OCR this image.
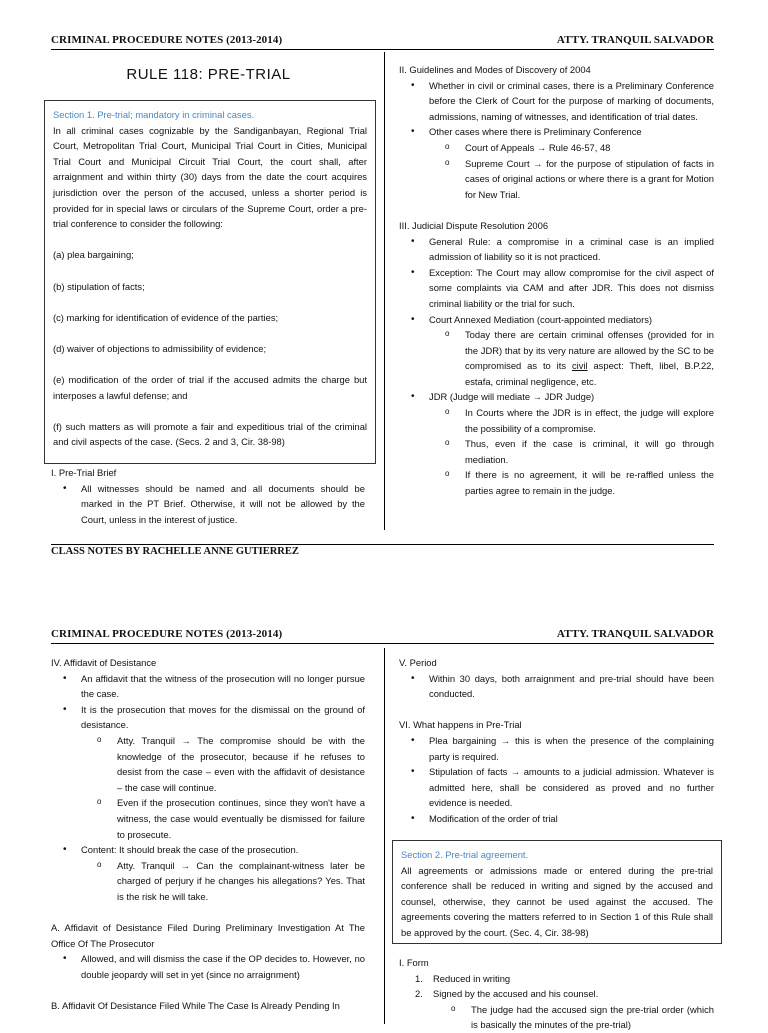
CRIMINAL PROCEDURE NOTES (2013-2014)	ATTY. TRANQUIL SALVADOR
RULE 118: PRE-TRIAL

Section 1. Pre-trial; mandatory in criminal cases.

In all criminal cases cognizable by the Sandiganbayan, Regional Trial Court, Metropolitan Trial Court, Municipal Trial Court in Cities, Municipal Trial Court and Municipal Circuit Trial Court, the court shall, after arraignment and within thirty (30) days from the date the court acquires jurisdiction over the person of the accused, unless a shorter period is provided for in special laws or circulars of the Supreme Court, order a pre-trial conference to consider the following:

(a) plea bargaining;

(b) stipulation of facts;

(c) marking for identification of evidence of the parties;

(d) waiver of objections to admissibility of evidence;

(e) modification of the order of trial if the accused admits the charge but interposes a lawful defense; and

(f) such matters as will promote a fair and expeditious trial of the criminal and civil aspects of the case. (Secs. 2 and 3, Cir. 38-98)

I. Pre-Trial Brief

• All witnesses should be named and all documents should be marked in the PT Brief. Otherwise, it will not be allowed by the Court, unless in the interest of justice.

II. Guidelines and Modes of Discovery of 2004

• Whether in civil or criminal cases, there is a Preliminary Conference before the Clerk of Court for the purpose of marking of documents, admissions, naming of witnesses, and identification of trial dates.
• Other cases where there is Preliminary Conference
o Court of Appeals → Rule 46-57, 48
o Supreme Court → for the purpose of stipulation of facts in cases of original actions or where there is a grant for Motion for New Trial.

III. Judicial Dispute Resolution 2006

• General Rule: a compromise in a criminal case is an implied admission of liability so it is not practiced.
• Exception: The Court may allow compromise for the civil aspect of some complaints via CAM and after JDR. This does not dismiss criminal liability or the trial for such.
• Court Annexed Mediation (court-appointed mediators)
o Today there are certain criminal offenses (provided for in the JDR) that by its very nature are allowed by the SC to be compromised as to its civil aspect: Theft, libel, B.P.22, estafa, criminal negligence, etc.
• JDR (Judge will mediate → JDR Judge)
o In Courts where the JDR is in effect, the judge will explore the possibility of a compromise.
o Thus, even if the case is criminal, it will go through mediation.
o If there is no agreement, it will be re-raffled unless the parties agree to remain in the judge.
CLASS NOTES BY RACHELLE ANNE GUTIERREZ
CRIMINAL PROCEDURE NOTES (2013-2014)	ATTY. TRANQUIL SALVADOR

IV. Affidavit of Desistance

• An affidavit that the witness of the prosecution will no longer pursue the case.
• It is the prosecution that moves for the dismissal on the ground of desistance.
o Atty. Tranquil → The compromise should be with the knowledge of the prosecutor, because if he refuses to desist from the case – even with the affidavit of desistance – the case will continue.
o Even if the prosecution continues, since they won't have a witness, the case would eventually be dismissed for failure to prosecute.
• Content: It should break the case of the prosecution.
o Atty. Tranquil → Can the complainant-witness later be charged of perjury if he changes his allegations? Yes. That is the risk he will take.

A. Affidavit of Desistance Filed During Preliminary Investigation At The Office Of The Prosecutor

• Allowed, and will dismiss the case if the OP decides to. However, no double jeopardy will set in yet (since no arraignment)

B. Affidavit Of Desistance Filed While The Case Is Already Pending In

V. Period

• Within 30 days, both arraignment and pre-trial should have been conducted.

VI. What happens in Pre-Trial

• Plea bargaining → this is when the presence of the complaining party is required.
• Stipulation of facts → amounts to a judicial admission. Whatever is admitted here, shall be considered as proved and no further evidence is needed.
• Modification of the order of trial

Section 2. Pre-trial agreement.

All agreements or admissions made or entered during the pre-trial conference shall be reduced in writing and signed by the accused and counsel, otherwise, they cannot be used against the accused. The agreements covering the matters referred to in Section 1 of this Rule shall be approved by the court. (Sec. 4, Cir. 38-98)

I. Form

1. Reduced in writing
2. Signed by the accused and his counsel.
o The judge had the accused sign the pre-trial order (which is basically the minutes of the pre-trial)
